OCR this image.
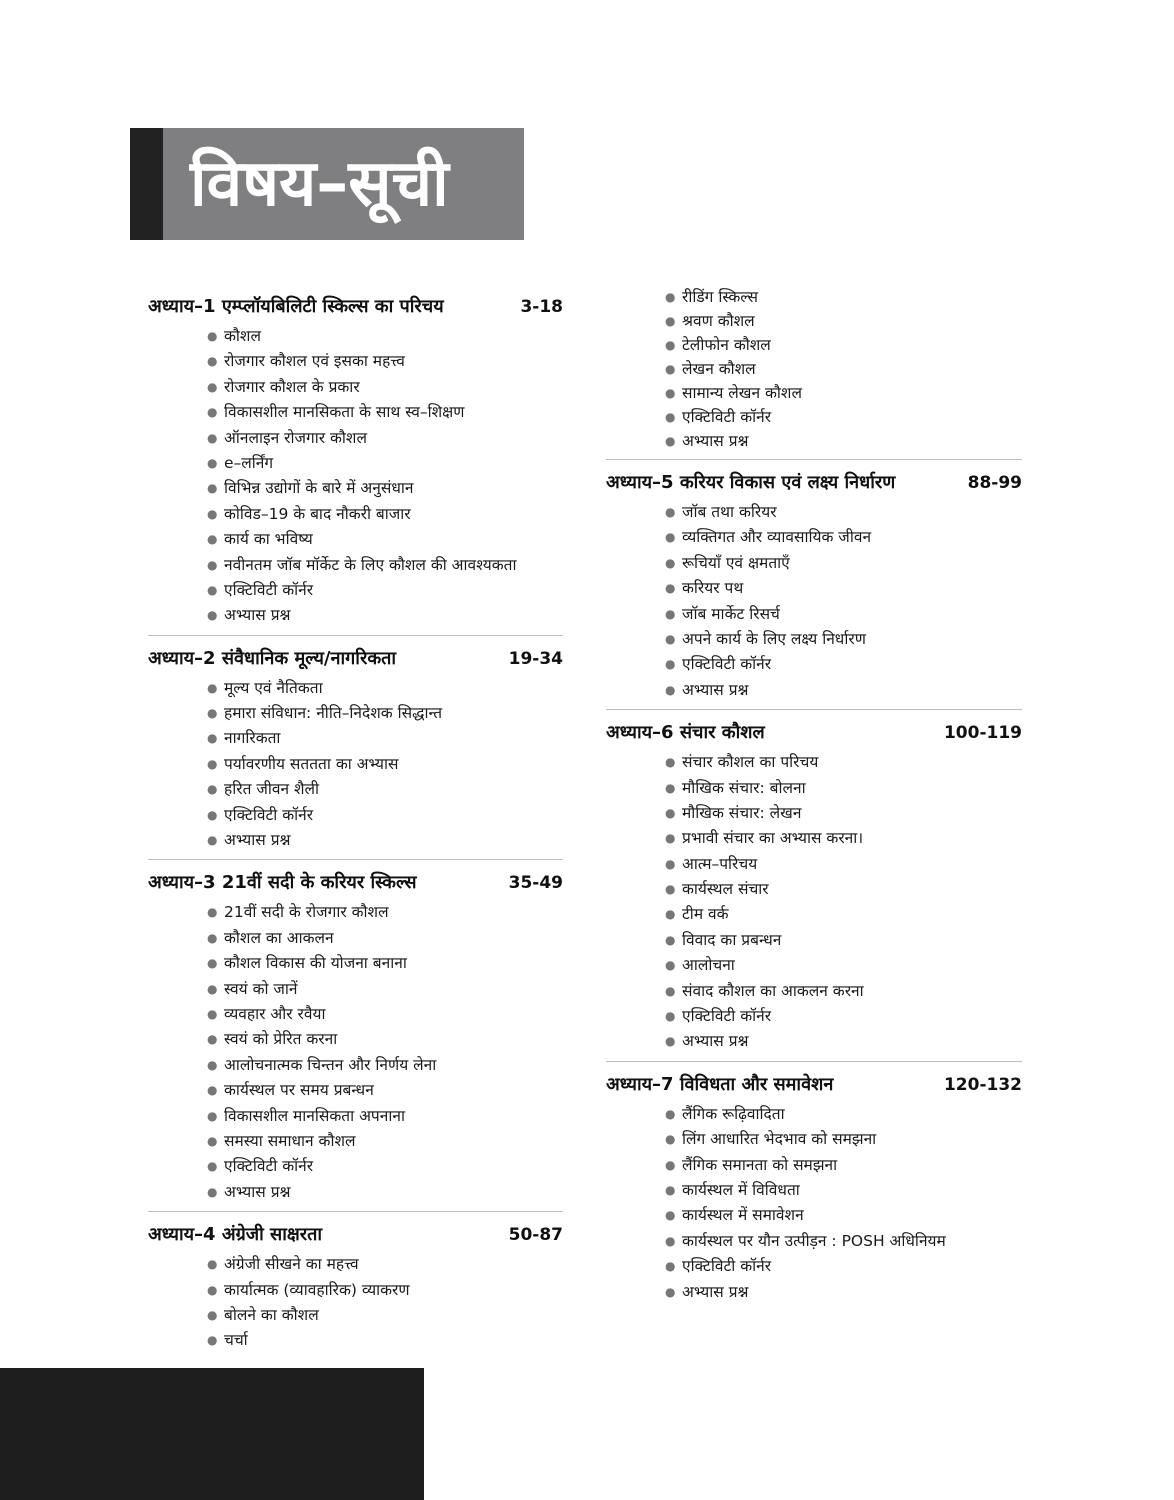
विषय–सूची
अध्याय–1 एम्प्लॉयबिलिटी स्किल्स का परिचय	3-18
● कौशल
● रोजगार कौशल एवं इसका महत्त्व
● रोजगार कौशल के प्रकार
● विकासशील मानसिकता के साथ स्व–शिक्षण
● ऑनलाइन रोजगार कौशल
● e–लर्निंग
● विभिन्न उद्योगों के बारे में अनुसंधान
● कोविड–19 के बाद नौकरी बाजार
● कार्य का भविष्य
● नवीनतम जॉब मॉर्केट के लिए कौशल की आवश्यकता
● एक्टिविटी कॉर्नर
● अभ्यास प्रश्न
अध्याय–2 संवैधानिक मूल्य/नागरिकता	19-34
● मूल्य एवं नैतिकता
● हमारा संविधान: नीति–निदेशक सिद्धान्त
● नागरिकता
● पर्यावरणीय सततता का अभ्यास
● हरित जीवन शैली
● एक्टिविटी कॉर्नर
● अभ्यास प्रश्न
अध्याय–3 21वीं सदी के करियर स्किल्स	35-49
● 21वीं सदी के रोजगार कौशल
● कौशल का आकलन
● कौशल विकास की योजना बनाना
● स्वयं को जानें
● व्यवहार और रवैया
● स्वयं को प्रेरित करना
● आलोचनात्मक चिन्तन और निर्णय लेना
● कार्यस्थल पर समय प्रबन्धन
● विकासशील मानसिकता अपनाना
● समस्या समाधान कौशल
● एक्टिविटी कॉर्नर
● अभ्यास प्रश्न
अध्याय–4 अंग्रेजी साक्षरता	50-87
● अंग्रेजी सीखने का महत्त्व
● कार्यात्मक (व्यावहारिक) व्याकरण
● बोलने का कौशल
● चर्चा
● रीडिंग स्किल्स
● श्रवण कौशल
● टेलीफोन कौशल
● लेखन कौशल
● सामान्य लेखन कौशल
● एक्टिविटी कॉर्नर
● अभ्यास प्रश्न
अध्याय–5 करियर विकास एवं लक्ष्य निर्धारण	88-99
● जॉब तथा करियर
● व्यक्तिगत और व्यावसायिक जीवन
● रूचियाँ एवं क्षमताएँ
● करियर पथ
● जॉब मार्केट रिसर्च
● अपने कार्य के लिए लक्ष्य निर्धारण
● एक्टिविटी कॉर्नर
● अभ्यास प्रश्न
अध्याय–6 संचार कौशल	100-119
● संचार कौशल का परिचय
● मौखिक संचार: बोलना
● मौखिक संचार: लेखन
● प्रभावी संचार का अभ्यास करना।
● आत्म–परिचय
● कार्यस्थल संचार
● टीम वर्क
● विवाद का प्रबन्धन
● आलोचना
● संवाद कौशल का आकलन करना
● एक्टिविटी कॉर्नर
● अभ्यास प्रश्न
अध्याय–7 विविधता और समावेशन	120-132
● लैंगिक रूढ़िवादिता
● लिंग आधारित भेदभाव को समझना
● लैंगिक समानता को समझना
● कार्यस्थल में विविधता
● कार्यस्थल में समावेशन
● कार्यस्थल पर यौन उत्पीड़न : POSH अधिनियम
● एक्टिविटी कॉर्नर
● अभ्यास प्रश्न
